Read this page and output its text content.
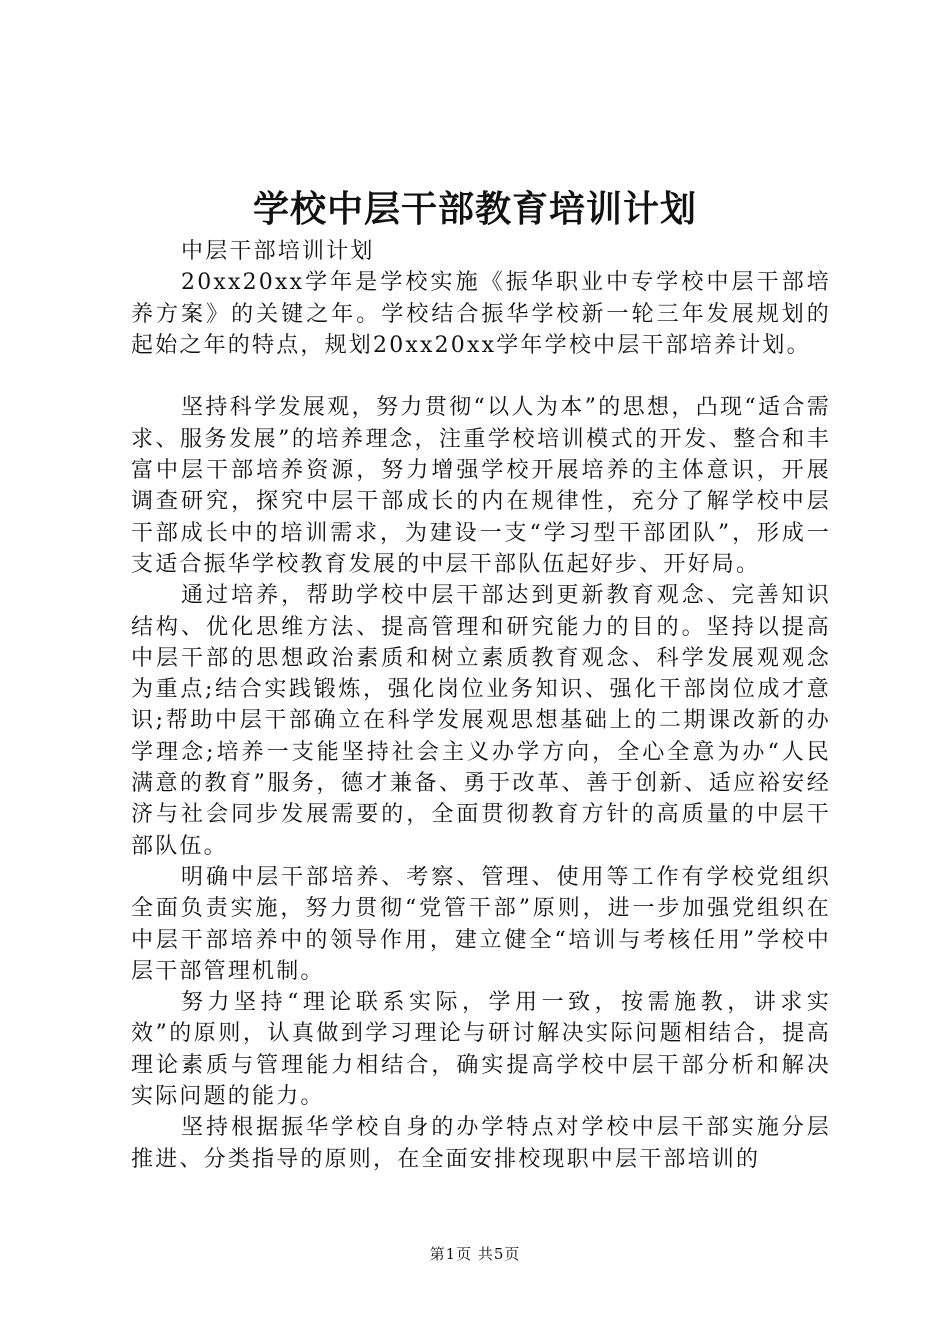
学校中层干部教育培训计划

中层干部培训计划

20xx20xx学年是学校实施《振华职业中专学校中层干部培养方案》的关键之年。学校结合振华学校新一轮三年发展规划的起始之年的特点，规划20xx20xx学年学校中层干部培养计划。

坚持科学发展观，努力贯彻“以人为本”的思想，凸现“适合需求、服务发展”的培养理念，注重学校培训模式的开发、整合和丰富中层干部培养资源，努力增强学校开展培养的主体意识，开展调查研究，探究中层干部成长的内在规律性，充分了解学校中层干部成长中的培训需求，为建设一支“学习型干部团队”，形成一支适合振华学校教育发展的中层干部队伍起好步、开好局。

通过培养，帮助学校中层干部达到更新教育观念、完善知识结构、优化思维方法、提高管理和研究能力的目的。坚持以提高中层干部的思想政治素质和树立素质教育观念、科学发展观观念为重点;结合实践锻炼，强化岗位业务知识、强化干部岗位成才意识;帮助中层干部确立在科学发展观思想基础上的二期课改新的办学理念;培养一支能坚持社会主义办学方向，全心全意为办“人民满意的教育”服务，德才兼备、勇于改革、善于创新、适应裕安经济与社会同步发展需要的，全面贯彻教育方针的高质量的中层干部队伍。

明确中层干部培养、考察、管理、使用等工作有学校党组织全面负责实施，努力贯彻“党管干部”原则，进一步加强党组织在中层干部培养中的领导作用，建立健全“培训与考核任用”学校中层干部管理机制。

努力坚持“理论联系实际，学用一致，按需施教，讲求实效”的原则，认真做到学习理论与研讨解决实际问题相结合，提高理论素质与管理能力相结合，确实提高学校中层干部分析和解决实际问题的能力。

坚持根据振华学校自身的办学特点对学校中层干部实施分层推进、分类指导的原则，在全面安排校现职中层干部培训的

第1页 共5页
